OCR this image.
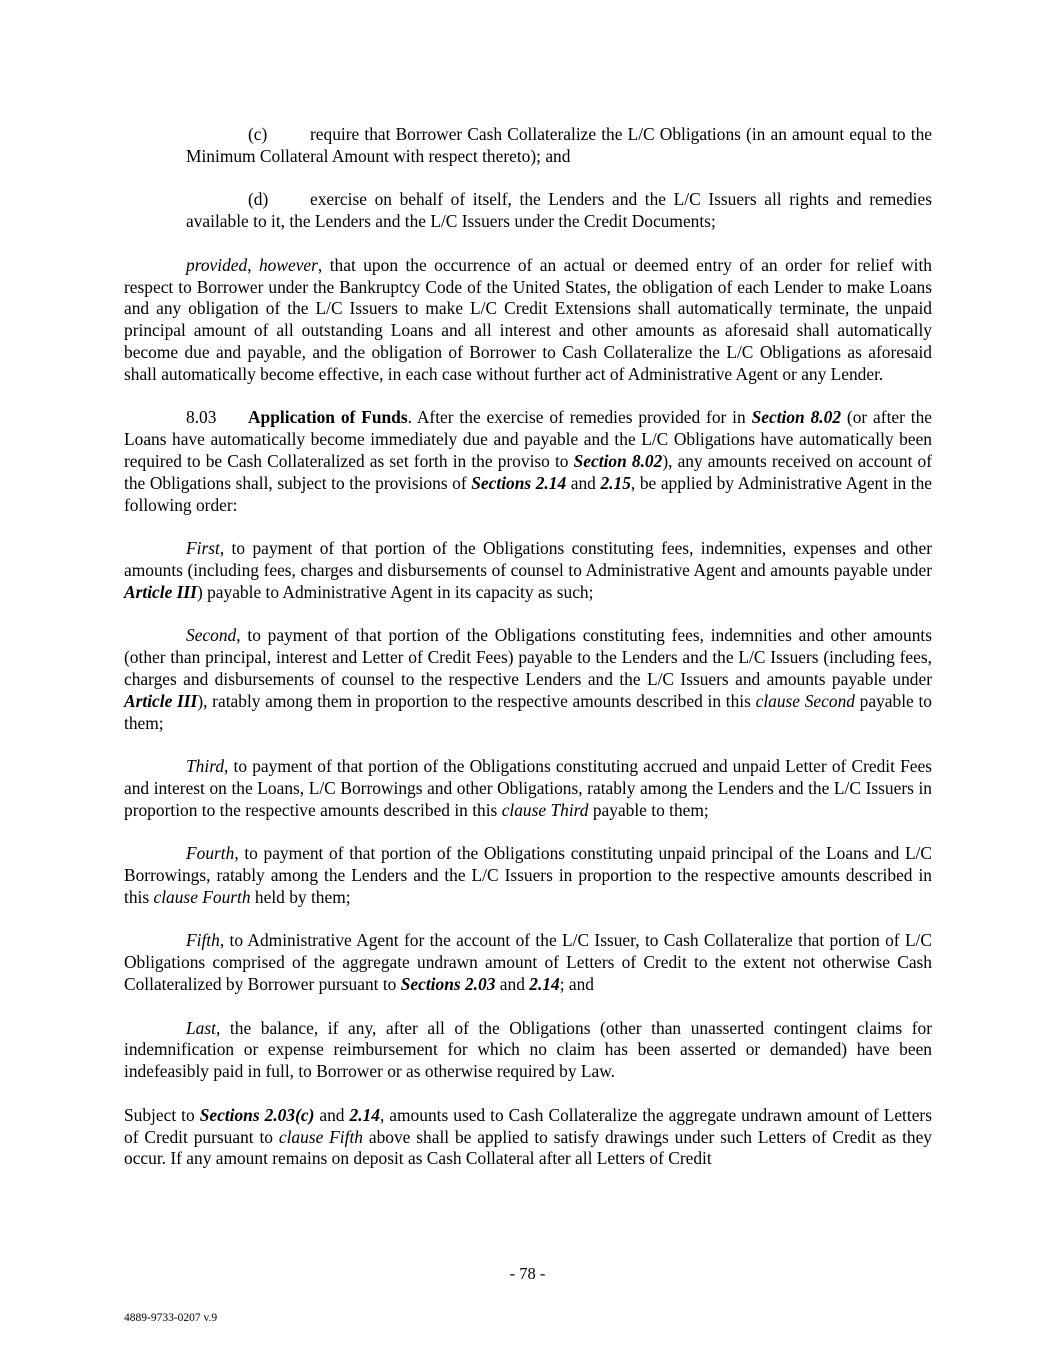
(c) require that Borrower Cash Collateralize the L/C Obligations (in an amount equal to the Minimum Collateral Amount with respect thereto); and

(d) exercise on behalf of itself, the Lenders and the L/C Issuers all rights and remedies available to it, the Lenders and the L/C Issuers under the Credit Documents;

provided, however, that upon the occurrence of an actual or deemed entry of an order for relief with respect to Borrower under the Bankruptcy Code of the United States, the obligation of each Lender to make Loans and any obligation of the L/C Issuers to make L/C Credit Extensions shall automatically terminate, the unpaid principal amount of all outstanding Loans and all interest and other amounts as aforesaid shall automatically become due and payable, and the obligation of Borrower to Cash Collateralize the L/C Obligations as aforesaid shall automatically become effective, in each case without further act of Administrative Agent or any Lender.

8.03 Application of Funds. After the exercise of remedies provided for in Section 8.02 (or after the Loans have automatically become immediately due and payable and the L/C Obligations have automatically been required to be Cash Collateralized as set forth in the proviso to Section 8.02), any amounts received on account of the Obligations shall, subject to the provisions of Sections 2.14 and 2.15, be applied by Administrative Agent in the following order:

First, to payment of that portion of the Obligations constituting fees, indemnities, expenses and other amounts (including fees, charges and disbursements of counsel to Administrative Agent and amounts payable under Article III) payable to Administrative Agent in its capacity as such;

Second, to payment of that portion of the Obligations constituting fees, indemnities and other amounts (other than principal, interest and Letter of Credit Fees) payable to the Lenders and the L/C Issuers (including fees, charges and disbursements of counsel to the respective Lenders and the L/C Issuers and amounts payable under Article III), ratably among them in proportion to the respective amounts described in this clause Second payable to them;

Third, to payment of that portion of the Obligations constituting accrued and unpaid Letter of Credit Fees and interest on the Loans, L/C Borrowings and other Obligations, ratably among the Lenders and the L/C Issuers in proportion to the respective amounts described in this clause Third payable to them;

Fourth, to payment of that portion of the Obligations constituting unpaid principal of the Loans and L/C Borrowings, ratably among the Lenders and the L/C Issuers in proportion to the respective amounts described in this clause Fourth held by them;

Fifth, to Administrative Agent for the account of the L/C Issuer, to Cash Collateralize that portion of L/C Obligations comprised of the aggregate undrawn amount of Letters of Credit to the extent not otherwise Cash Collateralized by Borrower pursuant to Sections 2.03 and 2.14; and

Last, the balance, if any, after all of the Obligations (other than unasserted contingent claims for indemnification or expense reimbursement for which no claim has been asserted or demanded) have been indefeasibly paid in full, to Borrower or as otherwise required by Law.

Subject to Sections 2.03(c) and 2.14, amounts used to Cash Collateralize the aggregate undrawn amount of Letters of Credit pursuant to clause Fifth above shall be applied to satisfy drawings under such Letters of Credit as they occur. If any amount remains on deposit as Cash Collateral after all Letters of Credit

- 78 -
4889-9733-0207 v.9
